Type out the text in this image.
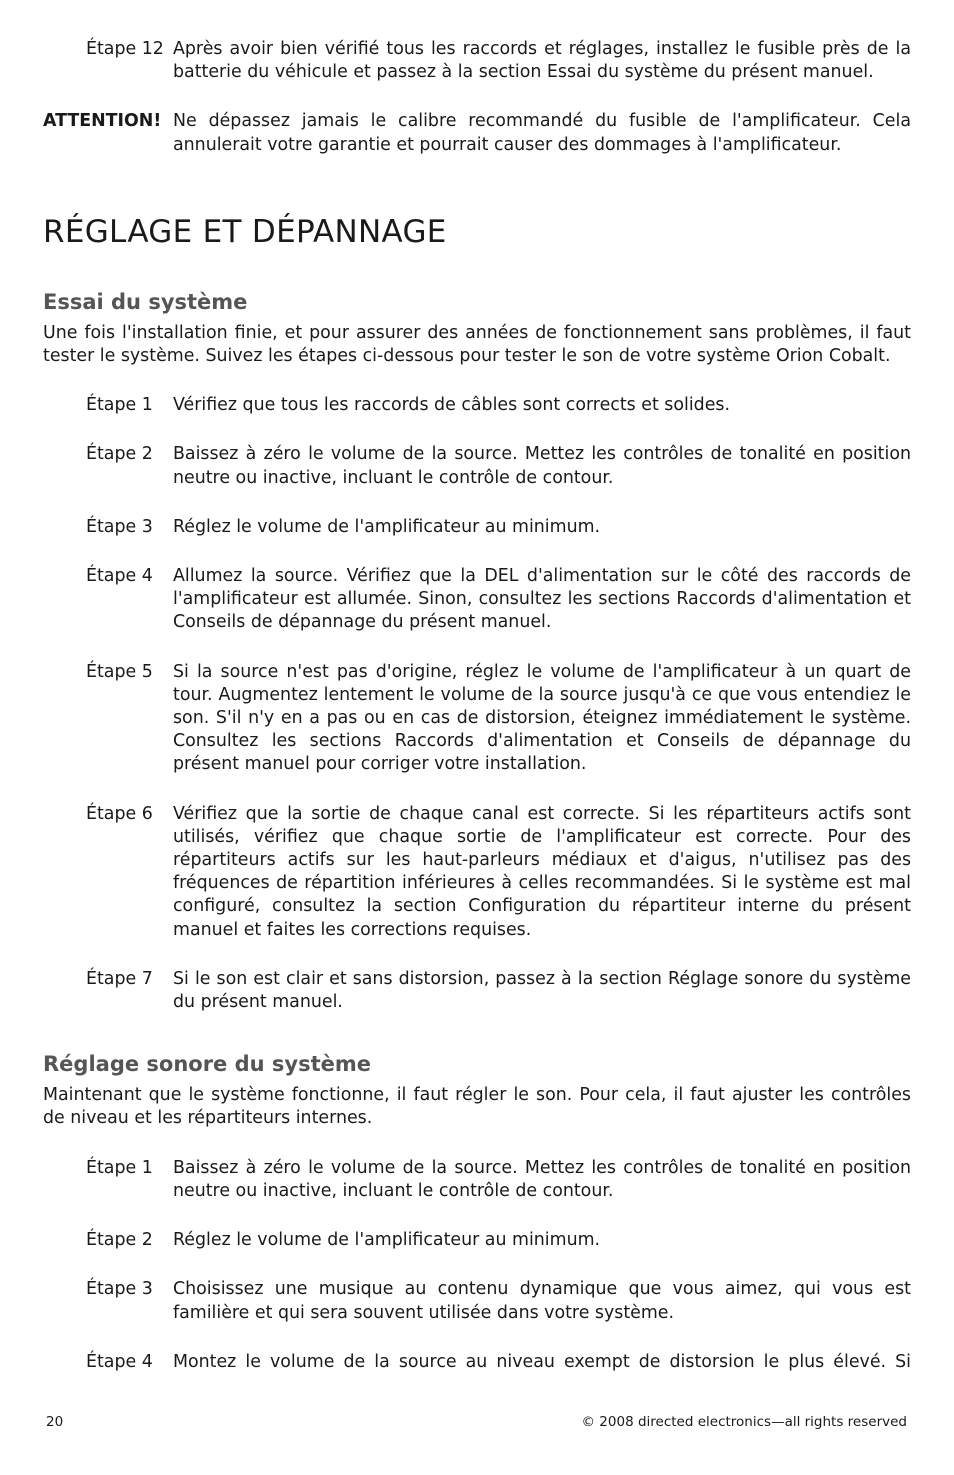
Étape 12 Après avoir bien vérifié tous les raccords et réglages, installez le fusible près de la batterie du véhicule et passez à la section Essai du système du présent manuel.
ATTENTION! Ne dépassez jamais le calibre recommandé du fusible de l'amplificateur. Cela annulerait votre garantie et pourrait causer des dommages à l'amplificateur.
RÉGLAGE ET DÉPANNAGE
Essai du système
Une fois l'installation finie, et pour assurer des années de fonctionnement sans problèmes, il faut tester le système. Suivez les étapes ci-dessous pour tester le son de votre système Orion Cobalt.
Étape 1	Vérifiez que tous les raccords de câbles sont corrects et solides.
Étape 2	Baissez à zéro le volume de la source. Mettez les contrôles de tonalité en position neutre ou inactive, incluant le contrôle de contour.
Étape 3	Réglez le volume de l'amplificateur au minimum.
Étape 4	Allumez la source. Vérifiez que la DEL d'alimentation sur le côté des raccords de l'amplificateur est allumée. Sinon, consultez les sections Raccords d'alimentation et Conseils de dépannage du présent manuel.
Étape 5	Si la source n'est pas d'origine, réglez le volume de l'amplificateur à un quart de tour. Augmentez lentement le volume de la source jusqu'à ce que vous entendiez le son. S'il n'y en a pas ou en cas de distorsion, éteignez immédiatement le système. Consultez les sections Raccords d'alimentation et Conseils de dépannage du présent manuel pour corriger votre installation.
Étape 6	Vérifiez que la sortie de chaque canal est correcte. Si les répartiteurs actifs sont utilisés, vérifiez que chaque sortie de l'amplificateur est correcte. Pour des répartiteurs actifs sur les haut-parleurs médiaux et d'aigus, n'utilisez pas des fréquences de répartition inférieures à celles recommandées. Si le système est mal configuré, consultez la section Configuration du répartiteur interne du présent manuel et faites les corrections requises.
Étape 7	Si le son est clair et sans distorsion, passez à la section Réglage sonore du système du présent manuel.
Réglage sonore du système
Maintenant que le système fonctionne, il faut régler le son. Pour cela, il faut ajuster les contrôles de niveau et les répartiteurs internes.
Étape 1	Baissez à zéro le volume de la source. Mettez les contrôles de tonalité en position neutre ou inactive, incluant le contrôle de contour.
Étape 2	Réglez le volume de l'amplificateur au minimum.
Étape 3	Choisissez une musique au contenu dynamique que vous aimez, qui vous est familière et qui sera souvent utilisée dans votre système.
Étape 4	Montez le volume de la source au niveau exempt de distorsion le plus élevé. Si
20	© 2008 directed electronics—all rights reserved
